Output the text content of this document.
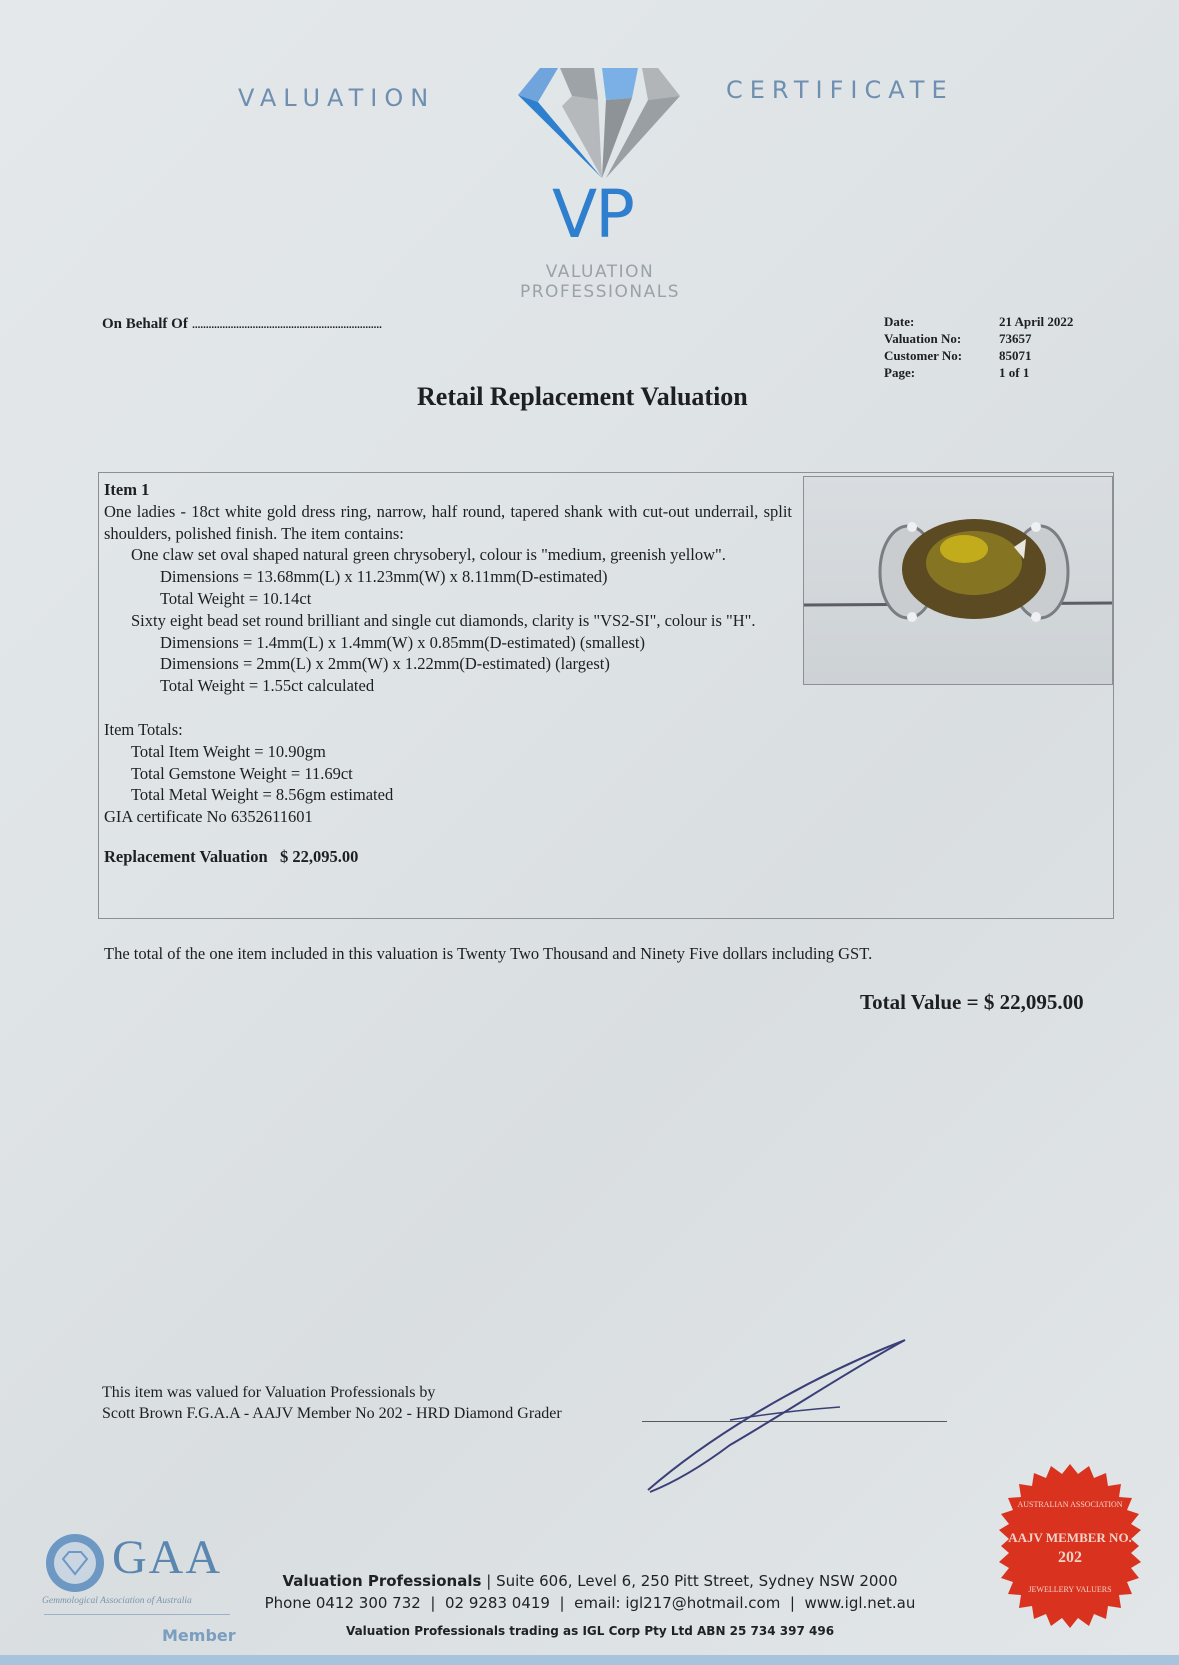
VALUATION	CERTIFICATE
VP
VALUATION
PROFESSIONALS
On Behalf Of .....................................................................	Date:	21 April 2022
Valuation No:	73657
Customer No:	85071
Page:	1 of 1
Retail Replacement Valuation
Item 1
One ladies - 18ct white gold dress ring, narrow, half round, tapered shank with cut-out underrail, split shoulders, polished finish. The item contains:
One claw set oval shaped natural green chrysoberyl, colour is "medium, greenish yellow".
Dimensions = 13.68mm(L) x 11.23mm(W) x 8.11mm(D-estimated)
Total Weight = 10.14ct
Sixty eight bead set round brilliant and single cut diamonds, clarity is "VS2-SI", colour is "H".
Dimensions = 1.4mm(L) x 1.4mm(W) x 0.85mm(D-estimated) (smallest)
Dimensions = 2mm(L) x 2mm(W) x 1.22mm(D-estimated) (largest)
Total Weight = 1.55ct calculated
Item Totals:
Total Item Weight = 10.90gm
Total Gemstone Weight = 11.69ct
Total Metal Weight = 8.56gm estimated
GIA certificate No 6352611601
Replacement Valuation $ 22,095.00
The total of the one item included in this valuation is Twenty Two Thousand and Ninety Five dollars including GST.
Total Value = $ 22,095.00
This item was valued for Valuation Professionals by
Scott Brown F.G.A.A - AAJV Member No 202 - HRD Diamond Grader
GAA
Gemmological Association of Australia
Member
Valuation Professionals | Suite 606, Level 6, 250 Pitt Street, Sydney NSW 2000
Phone 0412 300 732 | 02 9283 0419 | email: igl217@hotmail.com | www.igl.net.au
Valuation Professionals trading as IGL Corp Pty Ltd ABN 25 734 397 496
AAJV MEMBER NO.
202
AUSTRALIAN ASSOCIATION
JEWELLERY VALUERS
